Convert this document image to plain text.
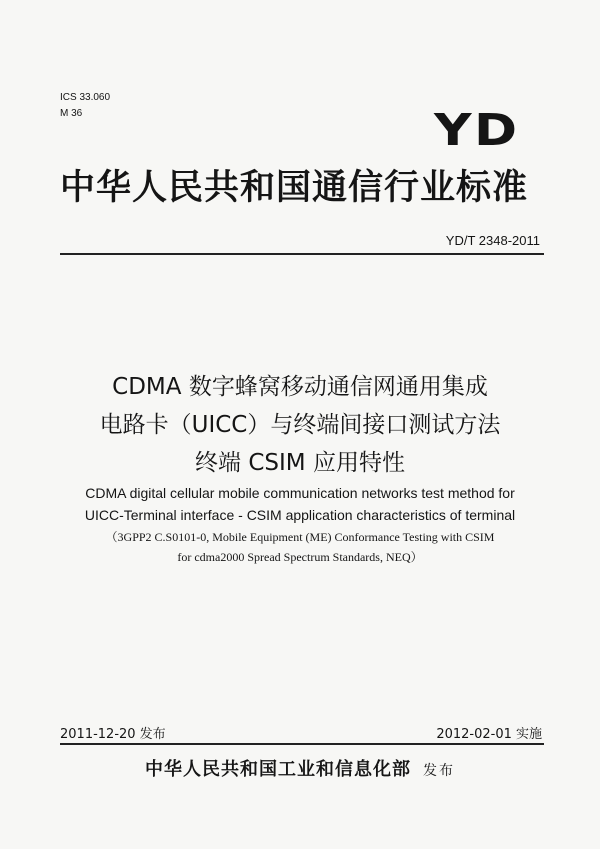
ICS 33.060
M 36	YD
中华人民共和国通信行业标准
YD/T 2348-2011
CDMA 数字蜂窝移动通信网通用集成
电路卡（UICC）与终端间接口测试方法
终端 CSIM 应用特性
CDMA digital cellular mobile communication networks test method for
UICC-Terminal interface - CSIM application characteristics of terminal
（3GPP2 C.S0101-0, Mobile Equipment (ME) Conformance Testing with CSIM
for cdma2000 Spread Spectrum Standards, NEQ）
2011-12-20 发布	2012-02-01 实施
中华人民共和国工业和信息化部 发布
